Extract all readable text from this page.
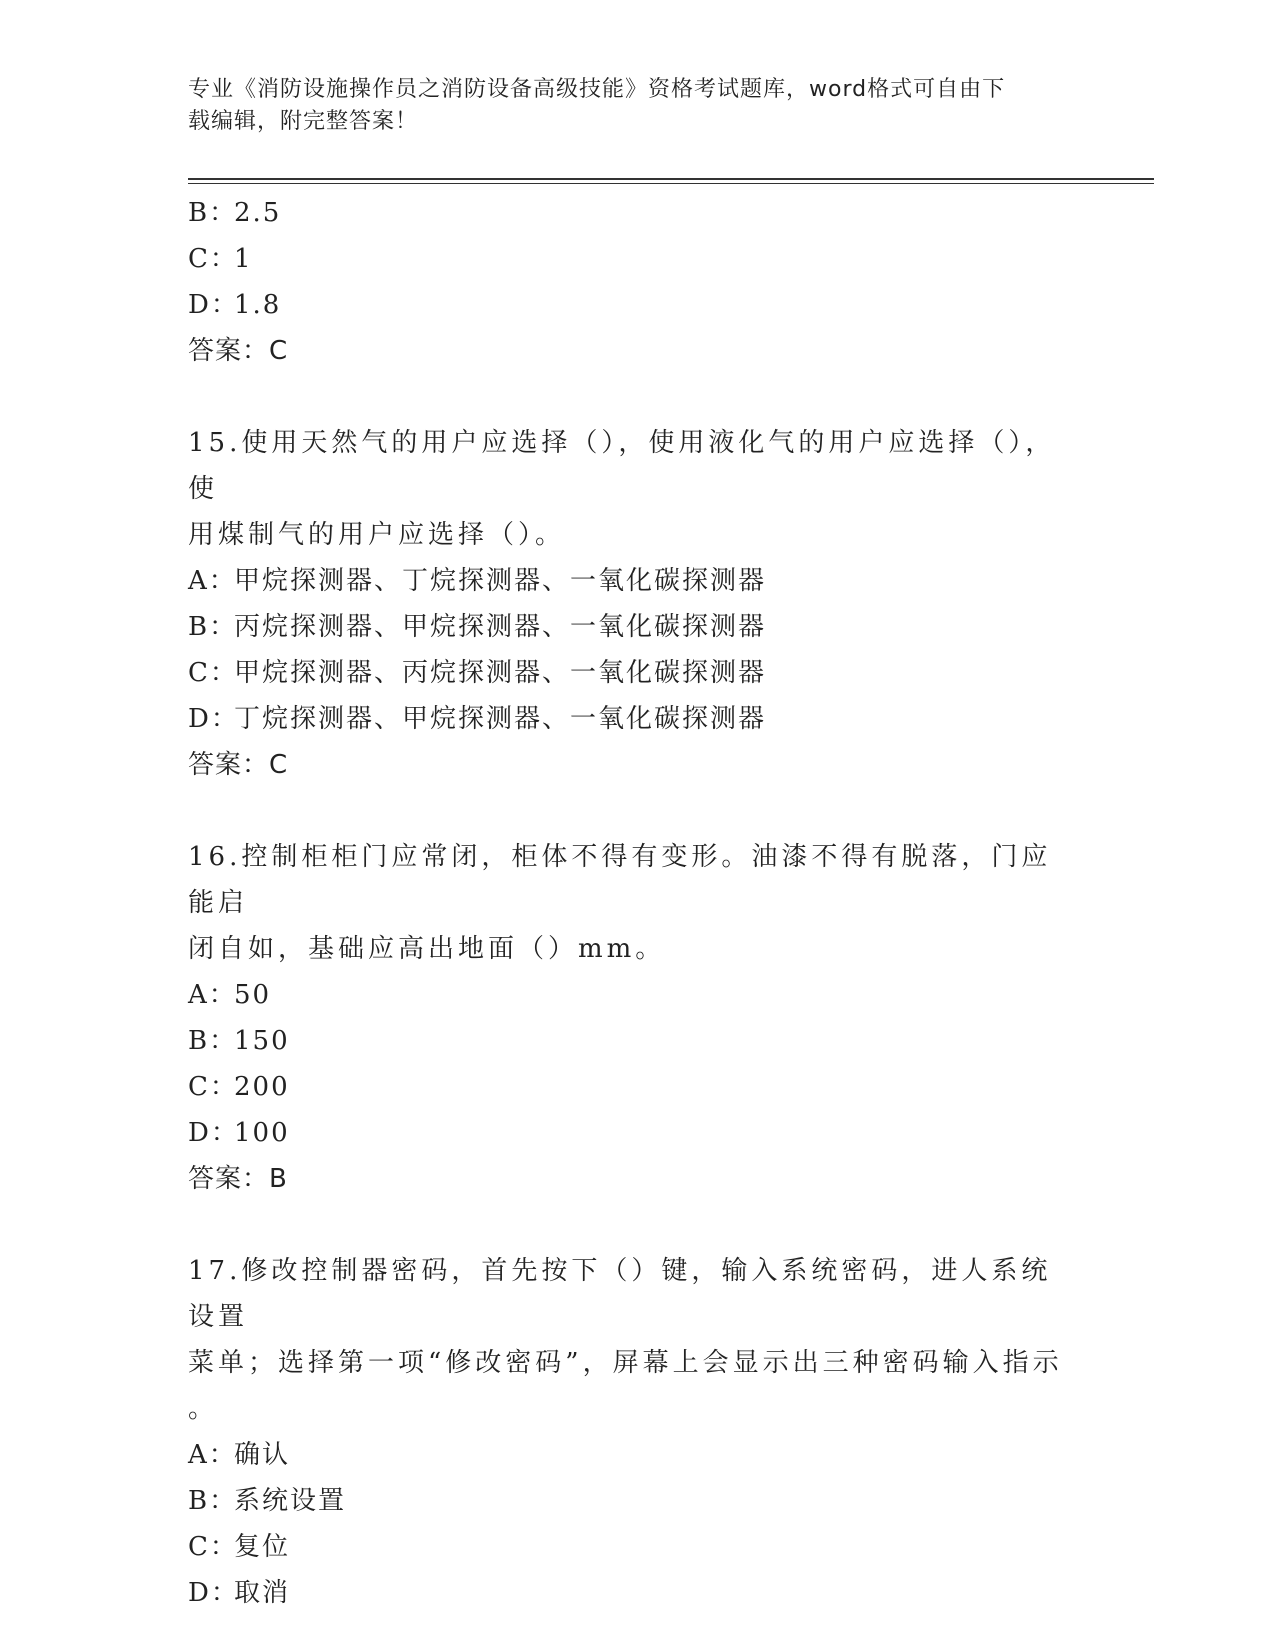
专业《消防设施操作员之消防设备高级技能》资格考试题库，word格式可自由下
载编辑，附完整答案！
B：2.5
C：1
D：1.8
答案：C
15.使用天然气的用户应选择（），使用液化气的用户应选择（），使
用煤制气的用户应选择（）。
A：甲烷探测器、丁烷探测器、一氧化碳探测器
B：丙烷探测器、甲烷探测器、一氧化碳探测器
C：甲烷探测器、丙烷探测器、一氧化碳探测器
D：丁烷探测器、甲烷探测器、一氧化碳探测器
答案：C
16.控制柜柜门应常闭，柜体不得有变形。油漆不得有脱落，门应能启
闭自如，基础应高出地面（）mm。
A：50
B：150
C：200
D：100
答案：B
17.修改控制器密码，首先按下（）键，输入系统密码，进人系统设置
菜单；选择第一项“修改密码”，屏幕上会显示出三种密码输入指示
。
A：确认
B：系统设置
C：复位
D：取消
